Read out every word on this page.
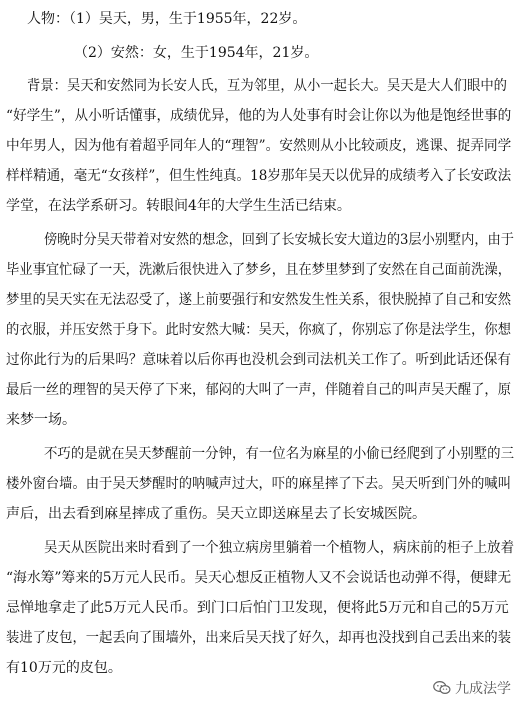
人物：（1）吴天，男，生于1955年，22岁。
（2）安然：女，生于1954年，21岁。
背景：吴天和安然同为长安人氏，互为邻里，从小一起长大。吴天是大人们眼中的
“好学生”，从小听话懂事，成绩优异，他的为人处事有时会让你以为他是饱经世事的
中年男人，因为他有着超乎同年人的“理智”。安然则从小比较顽皮，逃课、捉弄同学
样样精通，毫无“女孩样”，但生性纯真。18岁那年吴天以优异的成绩考入了长安政法
学堂，在法学系研习。转眼间4年的大学生生活已结束。
傍晚时分吴天带着对安然的想念，回到了长安城长安大道边的3层小别墅内，由于
毕业事宜忙碌了一天，洗漱后很快进入了梦乡，且在梦里梦到了安然在自己面前洗澡，
梦里的吴天实在无法忍受了，遂上前要强行和安然发生性关系，很快脱掉了自己和安然
的衣服，并压安然于身下。此时安然大喊：吴天，你疯了，你别忘了你是法学生，你想
过你此行为的后果吗？意味着以后你再也没机会到司法机关工作了。听到此话还保有
最后一丝的理智的吴天停了下来，郁闷的大叫了一声，伴随着自己的叫声吴天醒了，原
来梦一场。
不巧的是就在吴天梦醒前一分钟，有一位名为麻星的小偷已经爬到了小别墅的三
楼外窗台墙。由于吴天梦醒时的呐喊声过大，吓的麻星摔了下去。吴天听到门外的喊叫
声后，出去看到麻星摔成了重伤。吴天立即送麻星去了长安城医院。
吴天从医院出来时看到了一个独立病房里躺着一个植物人，病床前的柜子上放着
“海水筹”筹来的5万元人民币。吴天心想反正植物人又不会说话也动弹不得，便肆无
忌惮地拿走了此5万元人民币。到门口后怕门卫发现，便将此5万元和自己的5万元
装进了皮包，一起丢向了围墙外，出来后吴天找了好久，却再也没找到自己丢出来的装
有10万元的皮包。
九成法学
